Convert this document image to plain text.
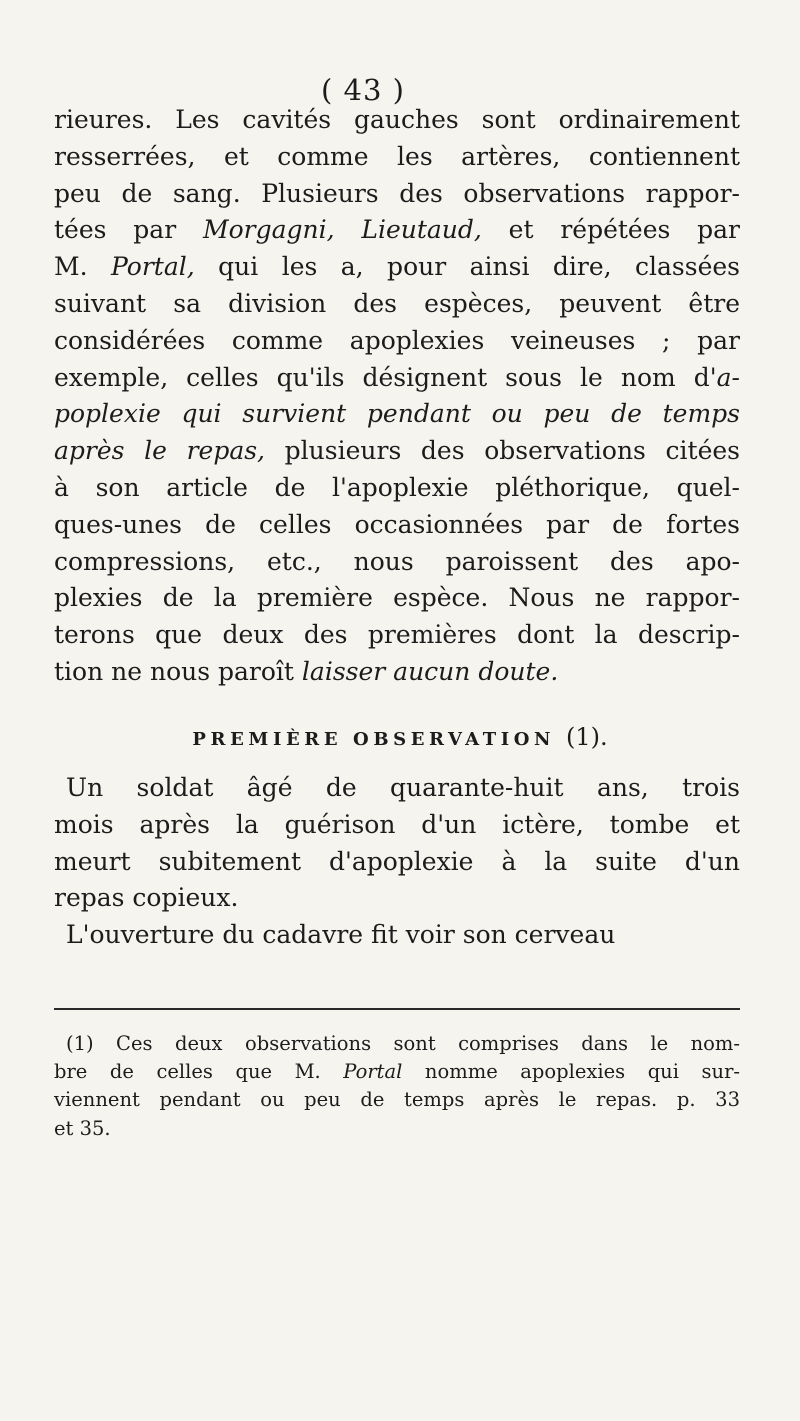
( 43 )
rieures. Les cavités gauches sont ordinairement
resserrées, et comme les artères, contiennent
peu de sang. Plusieurs des observations rappor-
tées par Morgagni, Lieutaud, et répétées par
M. Portal, qui les a, pour ainsi dire, classées
suivant sa division des espèces, peuvent être
considérées comme apoplexies veineuses ; par
exemple, celles qu'ils désignent sous le nom d'a-
poplexie qui survient pendant ou peu de temps
après le repas, plusieurs des observations citées
à son article de l'apoplexie pléthorique, quel-
ques-unes de celles occasionnées par de fortes
compressions, etc., nous paroissent des apo-
plexies de la première espèce. Nous ne rappor-
terons que deux des premières dont la descrip-
tion ne nous paroît laisser aucun doute.
PREMIÈRE OBSERVATION (1).
Un soldat âgé de quarante-huit ans, trois
mois après la guérison d'un ictère, tombe et
meurt subitement d'apoplexie à la suite d'un
repas copieux.
L'ouverture du cadavre fit voir son cerveau
(1) Ces deux observations sont comprises dans le nom-
bre de celles que M. Portal nomme apoplexies qui sur-
viennent pendant ou peu de temps après le repas. p. 33
et 35.
